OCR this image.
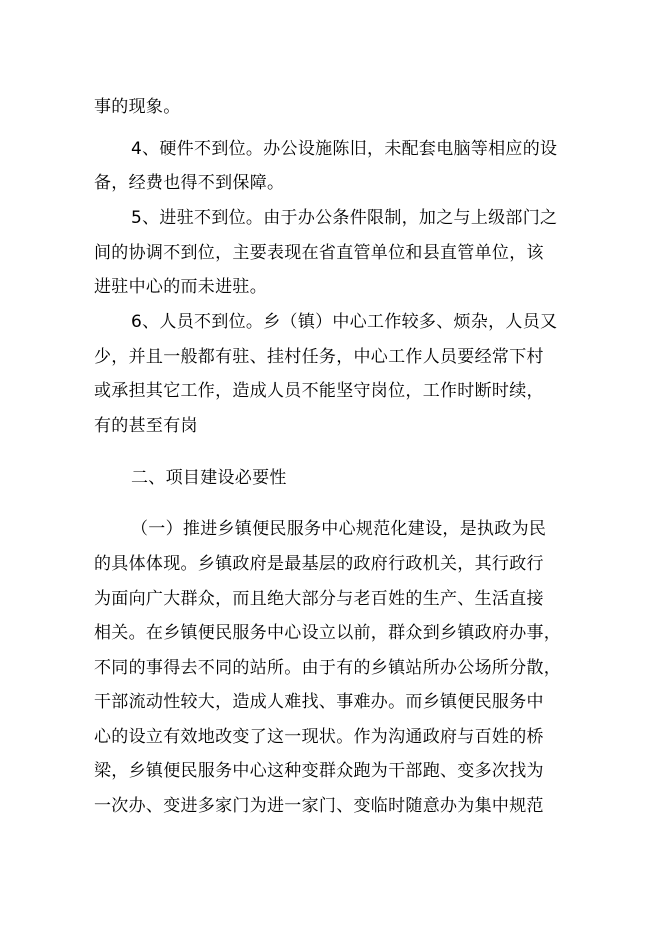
事的现象。
4、硬件不到位。办公设施陈旧，未配套电脑等相应的设
备，经费也得不到保障。
5、进驻不到位。由于办公条件限制，加之与上级部门之
间的协调不到位，主要表现在省直管单位和县直管单位，该
进驻中心的而未进驻。
6、人员不到位。乡（镇）中心工作较多、烦杂，人员又
少，并且一般都有驻、挂村任务，中心工作人员要经常下村
或承担其它工作，造成人员不能坚守岗位，工作时断时续，
有的甚至有岗
二、项目建设必要性
（一）推进乡镇便民服务中心规范化建设，是执政为民
的具体体现。乡镇政府是最基层的政府行政机关，其行政行
为面向广大群众，而且绝大部分与老百姓的生产、生活直接
相关。在乡镇便民服务中心设立以前，群众到乡镇政府办事，
不同的事得去不同的站所。由于有的乡镇站所办公场所分散，
干部流动性较大，造成人难找、事难办。而乡镇便民服务中
心的设立有效地改变了这一现状。作为沟通政府与百姓的桥
梁，乡镇便民服务中心这种变群众跑为干部跑、变多次找为
一次办、变进多家门为进一家门、变临时随意办为集中规范
